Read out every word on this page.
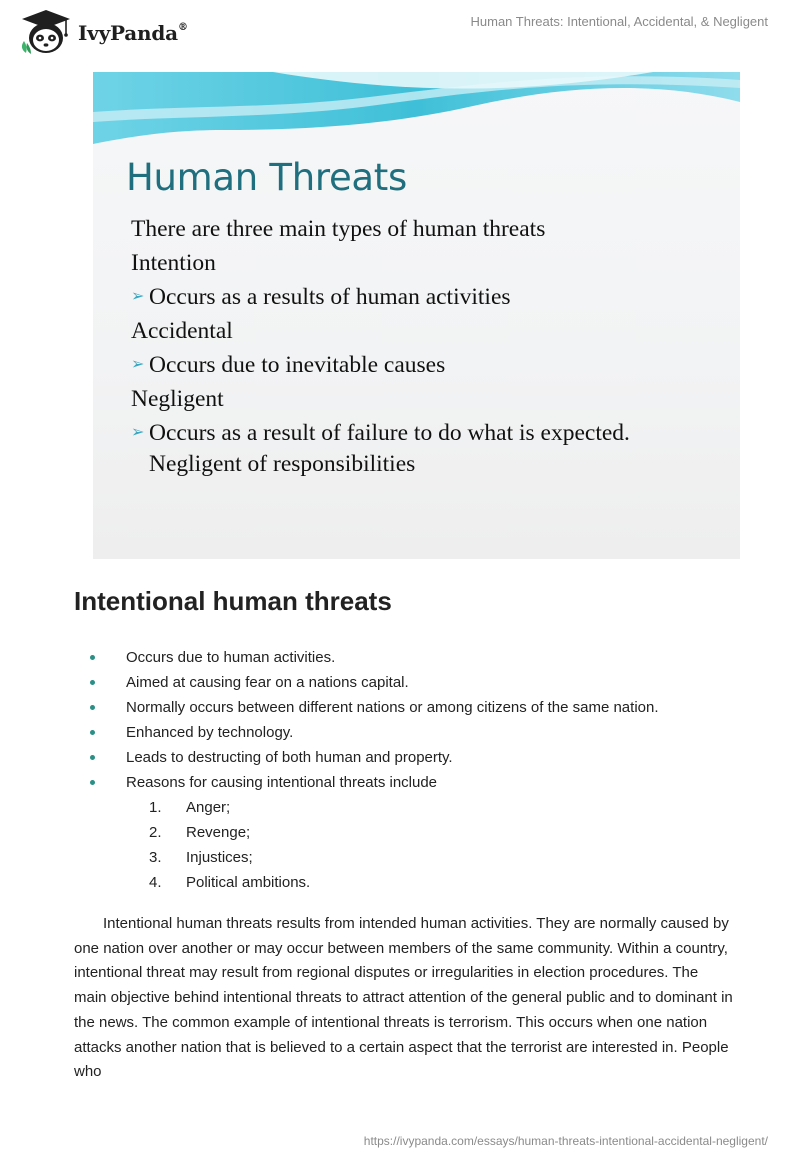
IvyPanda®	Human Threats: Intentional, Accidental, & Negligent
Human Threats
There are three main types of human threats
Intention
➢ Occurs as a results of human activities
Accidental
➢ Occurs due to inevitable causes
Negligent
➢ Occurs as a result of failure to do what is expected.
Negligent of responsibilities
Intentional human threats
Occurs due to human activities.
Aimed at causing fear on a nations capital.
Normally occurs between different nations or among citizens of the same nation.
Enhanced by technology.
Leads to destructing of both human and property.
Reasons for causing intentional threats include
1.	Anger;
2.	Revenge;
3.	Injustices;
4.	Political ambitions.

Intentional human threats results from intended human activities. They are normally caused by one nation over another or may occur between members of the same community. Within a country, intentional threat may result from regional disputes or irregularities in election procedures. The main objective behind intentional threats to attract attention of the general public and to dominant in the news. The common example of intentional threats is terrorism. This occurs when one nation attacks another nation that is believed to a certain aspect that the terrorist are interested in. People who

https://ivypanda.com/essays/human-threats-intentional-accidental-negligent/
